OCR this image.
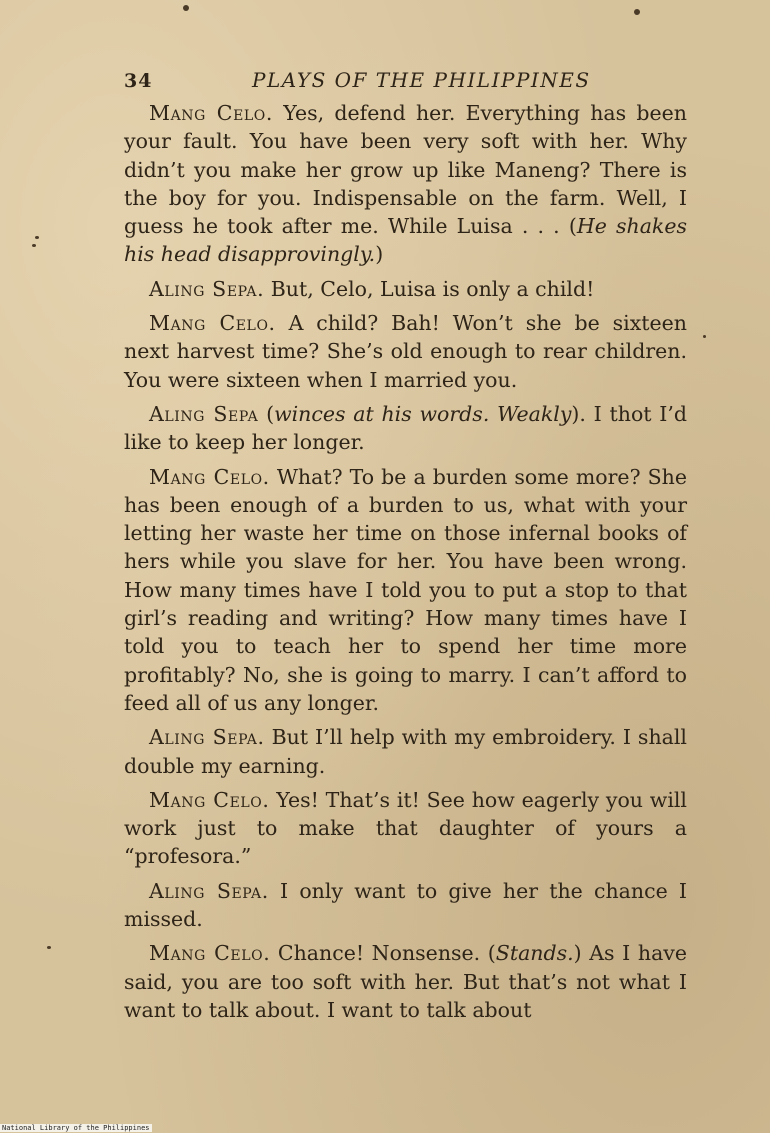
34	PLAYS OF THE PHILIPPINES

Mang Celo. Yes, defend her. Everything has been your fault. You have been very soft with her. Why didn’t you make her grow up like Maneng? There is the boy for you. Indispensable on the farm. Well, I guess he took after me. While Luisa . . . (He shakes his head disapprovingly.)

Aling Sepa. But, Celo, Luisa is only a child!

Mang Celo. A child? Bah! Won’t she be sixteen next harvest time? She’s old enough to rear children. You were sixteen when I married you.

Aling Sepa (winces at his words. Weakly). I thot I’d like to keep her longer.

Mang Celo. What? To be a burden some more? She has been enough of a burden to us, what with your letting her waste her time on those infernal books of hers while you slave for her. You have been wrong. How many times have I told you to put a stop to that girl’s reading and writing? How many times have I told you to teach her to spend her time more profitably? No, she is going to marry. I can’t afford to feed all of us any longer.

Aling Sepa. But I’ll help with my embroidery. I shall double my earning.

Mang Celo. Yes! That’s it! See how eagerly you will work just to make that daughter of yours a “profesora.”

Aling Sepa. I only want to give her the chance I missed.

Mang Celo. Chance! Nonsense. (Stands.) As I have said, you are too soft with her. But that’s not what I want to talk about. I want to talk about

National Library of the Philippines
